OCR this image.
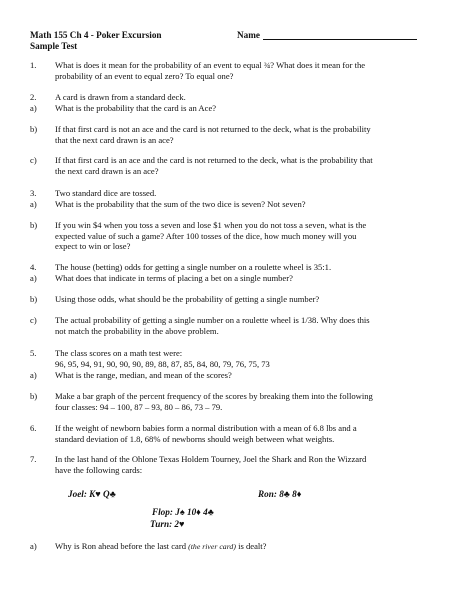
Math 155 Ch 4 - Poker Excursion
Sample Test
Name
1. What is does it mean for the probability of an event to equal ¾? What does it mean for the
probability of an event to equal zero? To equal one?
2. A card is drawn from a standard deck.
a) What is the probability that the card is an Ace?
b) If that first card is not an ace and the card is not returned to the deck, what is the probability
that the next card drawn is an ace?
c) If that first card is an ace and the card is not returned to the deck, what is the probability that
the next card drawn is an ace?
3. Two standard dice are tossed.
a) What is the probability that the sum of the two dice is seven? Not seven?
b) If you win $4 when you toss a seven and lose $1 when you do not toss a seven, what is the
expected value of such a game? After 100 tosses of the dice, how much money will you
expect to win or lose?
4. The house (betting) odds for getting a single number on a roulette wheel is 35:1.
a) What does that indicate in terms of placing a bet on a single number?
b) Using those odds, what should be the probability of getting a single number?
c) The actual probability of getting a single number on a roulette wheel is 1/38. Why does this
not match the probability in the above problem.
5. The class scores on a math test were:
96, 95, 94, 91, 90, 90, 90, 89, 88, 87, 85, 84, 80, 79, 76, 75, 73
a) What is the range, median, and mean of the scores?
b) Make a bar graph of the percent frequency of the scores by breaking them into the following
four classes: 94 – 100, 87 – 93, 80 – 86, 73 – 79.
6. If the weight of newborn babies form a normal distribution with a mean of 6.8 lbs and a
standard deviation of 1.8, 68% of newborns should weigh between what weights.
7. In the last hand of the Ohlone Texas Holdem Tourney, Joel the Shark and Ron the Wizzard
have the following cards:
Joel: K♥ Q♣	Ron: 8♣ 8♦
Flop: J♠ 10♦ 4♣
Turn: 2♥
a) Why is Ron ahead before the last card (the river card) is dealt?
